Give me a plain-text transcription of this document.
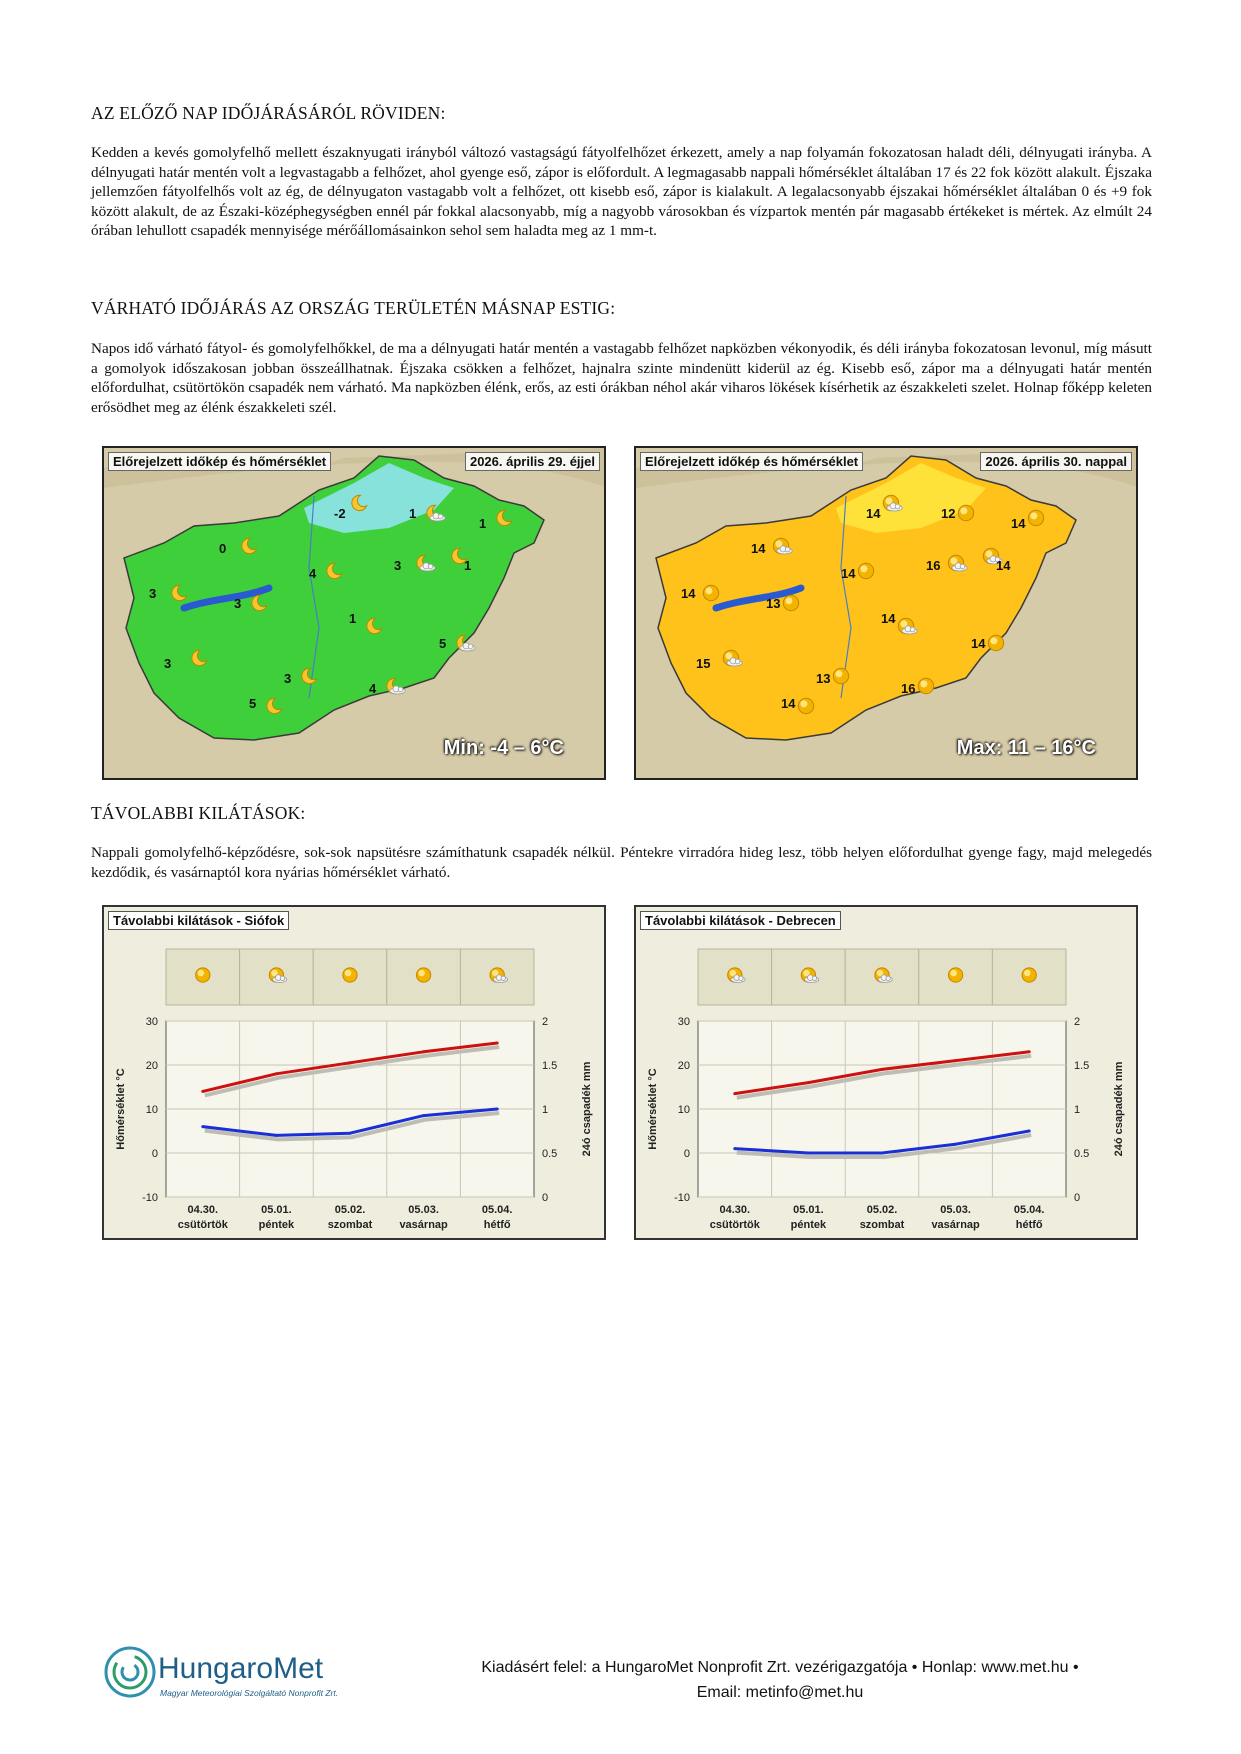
AZ ELŐZŐ NAP IDŐJÁRÁSÁRÓL RÖVIDEN:

Kedden a kevés gomolyfelhő mellett északnyugati irányból változó vastagságú fátyolfelhőzet érkezett, amely a nap folyamán fokozatosan haladt déli, délnyugati irányba. A délnyugati határ mentén volt a legvastagabb a felhőzet, ahol gyenge eső, zápor is előfordult. A legmagasabb nappali hőmérséklet általában 17 és 22 fok között alakult. Éjszaka jellemzően fátyolfelhős volt az ég, de délnyugaton vastagabb volt a felhőzet, ott kisebb eső, zápor is kialakult. A legalacsonyabb éjszakai hőmérséklet általában 0 és +9 fok között alakult, de az Északi-középhegységben ennél pár fokkal alacsonyabb, míg a nagyobb városokban és vízpartok mentén pár magasabb értékeket is mértek. Az elmúlt 24 órában lehullott csapadék mennyisége mérőállomásainkon sehol sem haladta meg az 1 mm-t.

VÁRHATÓ IDŐJÁRÁS AZ ORSZÁG TERÜLETÉN MÁSNAP ESTIG:

Napos idő várható fátyol- és gomolyfelhőkkel, de ma a délnyugati határ mentén a vastagabb felhőzet napközben vékonyodik, és déli irányba fokozatosan levonul, míg másutt a gomolyok időszakosan jobban összeállhatnak. Éjszaka csökken a felhőzet, hajnalra szinte mindenütt kiderül az ég. Kisebb eső, zápor ma a délnyugati határ mentén előfordulhat, csütörtökön csapadék nem várható. Ma napközben élénk, erős, az esti órákban néhol akár viharos lökések kísérhetik az északkeleti szelet. Holnap főképp keleten erősödhet meg az élénk északkeleti szél.

-2	1
1
0
3
4
1
3
3
1
5
3
3
4
5
Előrejelzett időkép és hőmérséklet	2026. április 29. éjjel
Min: -4 – 6°C
14	12
14
14
16
14
14
14
13
14
14
15
13
16
14
Előrejelzett időkép és hőmérséklet	2026. április 30. nappal
Max: 11 – 16°C
TÁVOLABBI KILÁTÁSOK:

Nappali gomolyfelhő-képződésre, sok-sok napsütésre számíthatunk csapadék nélkül. Péntekre virradóra hideg lesz, több helyen előfordulhat gyenge fagy, majd melegedés kezdődik, és vasárnaptól kora nyárias hőmérséklet várható.

30	2
20	1.5
10	1
0	0.5
-10	0
Hőmérséklet °C	24ó csapadék mm
04.30.
csütörtök
05.01.
péntek
05.02.
szombat
05.03.
vasárnap
05.04.
hétfő
Távolabbi kilátások - Siófok
30	2
20	1.5
10	1
0	0.5
-10	0
Hőmérséklet °C	24ó csapadék mm
04.30.
csütörtök
05.01.
péntek
05.02.
szombat
05.03.
vasárnap
05.04.
hétfő
Távolabbi kilátások - Debrecen
HungaroMet
Magyar Meteorológiai Szolgáltató Nonprofit Zrt.
Kiadásért felel: a HungaroMet Nonprofit Zrt. vezérigazgatója • Honlap: www.met.hu •
Email: metinfo@met.hu
